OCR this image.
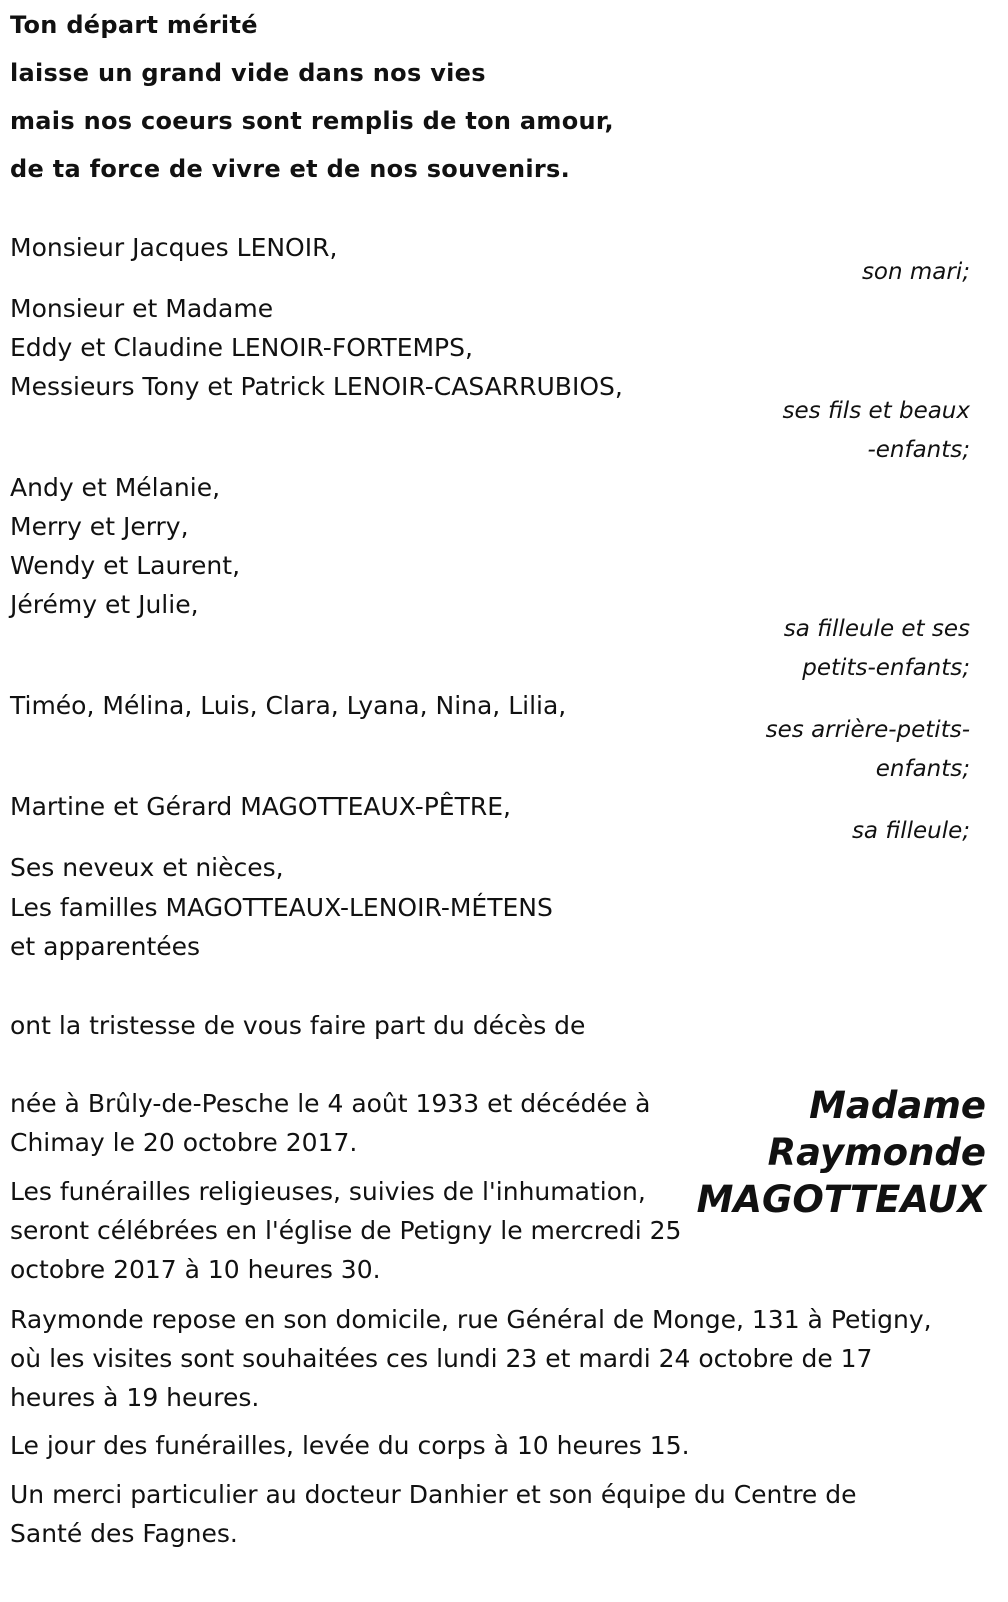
Ton départ mérité
laisse un grand vide dans nos vies
mais nos coeurs sont remplis de ton amour,
de ta force de vivre et de nos souvenirs.
Monsieur Jacques LENOIR,
son mari;
Monsieur et Madame
Eddy et Claudine LENOIR-FORTEMPS,
Messieurs Tony et Patrick LENOIR-CASARRUBIOS,
ses fils et beaux
-enfants;
Andy et Mélanie,
Merry et Jerry,
Wendy et Laurent,
Jérémy et Julie,
sa filleule et ses
petits-enfants;
Timéo, Mélina, Luis, Clara, Lyana, Nina, Lilia,
ses arrière-petits-
enfants;
Martine et Gérard MAGOTTEAUX-PÊTRE,
sa filleule;
Ses neveux et nièces,
Les familles MAGOTTEAUX-LENOIR-MÉTENS
et apparentées
ont la tristesse de vous faire part du décès de
Madame
Raymonde
MAGOTTEAUX
née à Brûly-de-Pesche le 4 août 1933 et décédée à
Chimay le 20 octobre 2017.
Les funérailles religieuses, suivies de l'inhumation,
seront célébrées en l'église de Petigny le mercredi 25
octobre 2017 à 10 heures 30.
Raymonde repose en son domicile, rue Général de Monge, 131 à Petigny,
où les visites sont souhaitées ces lundi 23 et mardi 24 octobre de 17
heures à 19 heures.
Le jour des funérailles, levée du corps à 10 heures 15.
Un merci particulier au docteur Danhier et son équipe du Centre de
Santé des Fagnes.
